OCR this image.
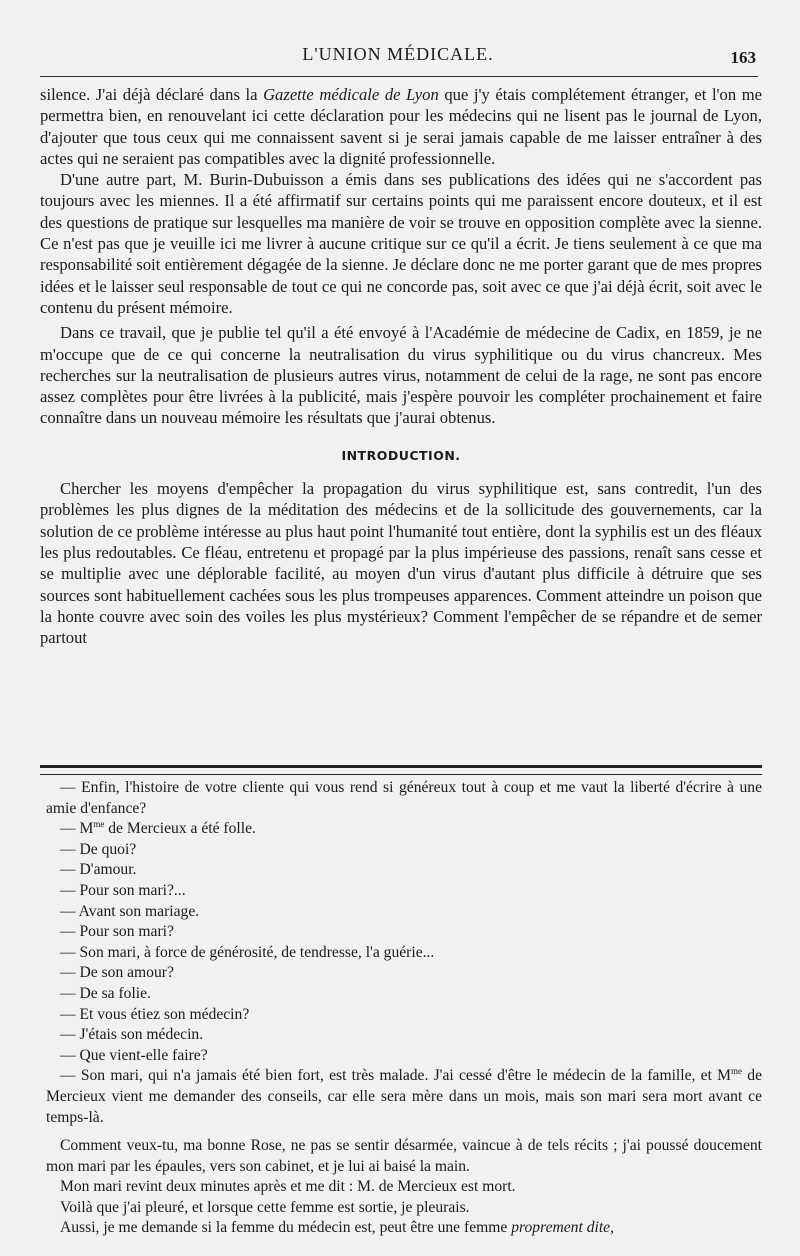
L'UNION MÉDICALE.	163

silence. J'ai déjà déclaré dans la Gazette médicale de Lyon que j'y étais complétement étranger, et l'on me permettra bien, en renouvelant ici cette déclaration pour les médecins qui ne lisent pas le journal de Lyon, d'ajouter que tous ceux qui me connaissent savent si je serai jamais capable de me laisser entraîner à des actes qui ne seraient pas compatibles avec la dignité professionnelle.

D'une autre part, M. Burin-Dubuisson a émis dans ses publications des idées qui ne s'accordent pas toujours avec les miennes. Il a été affirmatif sur certains points qui me paraissent encore douteux, et il est des questions de pratique sur lesquelles ma manière de voir se trouve en opposition complète avec la sienne. Ce n'est pas que je veuille ici me livrer à aucune critique sur ce qu'il a écrit. Je tiens seulement à ce que ma responsabilité soit entièrement dégagée de la sienne. Je déclare donc ne me porter garant que de mes propres idées et le laisser seul responsable de tout ce qui ne concorde pas, soit avec ce que j'ai déjà écrit, soit avec le contenu du présent mémoire.

Dans ce travail, que je publie tel qu'il a été envoyé à l'Académie de médecine de Cadix, en 1859, je ne m'occupe que de ce qui concerne la neutralisation du virus syphilitique ou du virus chancreux. Mes recherches sur la neutralisation de plusieurs autres virus, notamment de celui de la rage, ne sont pas encore assez complètes pour être livrées à la publicité, mais j'espère pouvoir les compléter prochainement et faire connaître dans un nouveau mémoire les résultats que j'aurai obtenus.

INTRODUCTION.

Chercher les moyens d'empêcher la propagation du virus syphilitique est, sans contredit, l'un des problèmes les plus dignes de la méditation des médecins et de la sollicitude des gouvernements, car la solution de ce problème intéresse au plus haut point l'humanité tout entière, dont la syphilis est un des fléaux les plus redoutables. Ce fléau, entretenu et propagé par la plus impérieuse des passions, renaît sans cesse et se multiplie avec une déplorable facilité, au moyen d'un virus d'autant plus difficile à détruire que ses sources sont habituellement cachées sous les plus trompeuses apparences. Comment atteindre un poison que la honte couvre avec soin des voiles les plus mystérieux? Comment l'empêcher de se répandre et de semer partout

— Enfin, l'histoire de votre cliente qui vous rend si généreux tout à coup et me vaut la liberté d'écrire à une amie d'enfance?
— $M^{me}$ de Mercieux a été folle.
— De quoi?
— D'amour.
— Pour son mari?...
— Avant son mariage.
— Pour son mari?
— Son mari, à force de générosité, de tendresse, l'a guérie...
— De son amour?
— De sa folie.
— Et vous étiez son médecin?
— J'étais son médecin.
— Que vient-elle faire?
— Son mari, qui n'a jamais été bien fort, est très malade. J'ai cessé d'être le médecin de la famille, et $M^{me}$ de Mercieux vient me demander des conseils, car elle sera mère dans un mois, mais son mari sera mort avant ce temps-là.
Comment veux-tu, ma bonne Rose, ne pas se sentir désarmée, vaincue à de tels récits ; j'ai poussé doucement mon mari par les épaules, vers son cabinet, et je lui ai baisé la main.
Mon mari revint deux minutes après et me dit : M. de Mercieux est mort.
Voilà que j'ai pleuré, et lorsque cette femme est sortie, je pleurais.
Aussi, je me demande si la femme du médecin est, peut être une femme proprement dite,
